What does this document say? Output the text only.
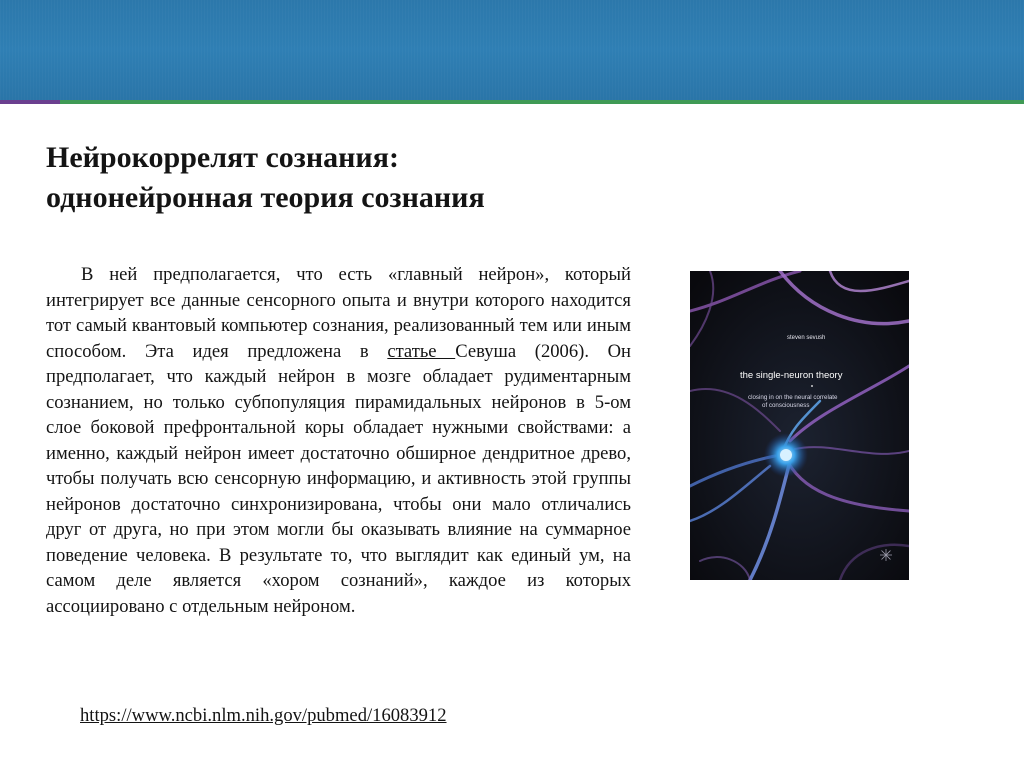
Нейрокоррелят сознания:
однонейронная теория сознания

В ней предполагается, что есть «главный нейрон», который интегрирует все данные сенсорного опыта и внутри которого находится тот самый квантовый компьютер сознания, реализованный тем или иным способом. Эта идея предложена в статье Севуша (2006). Он предполагает, что каждый нейрон в мозге обладает рудиментарным сознанием, но только субпопуляция пирамидальных нейронов в 5-ом слое боковой префронтальной коры обладает нужными свойствами: а именно, каждый нейрон имеет достаточно обширное дендритное древо, чтобы получать всю сенсорную информацию, и активность этой группы нейронов достаточно синхронизирована, чтобы они мало отличались друг от друга, но при этом могли бы оказывать влияние на суммарное поведение человека. В результате то, что выглядит как единый ум, на самом деле является «хором сознаний», каждое из которых ассоциировано с отдельным нейроном.

https://www.ncbi.nlm.nih.gov/pubmed/16083912
steven sevush
the single-neuron theory
closing in on the neural correlate
of consciousness
